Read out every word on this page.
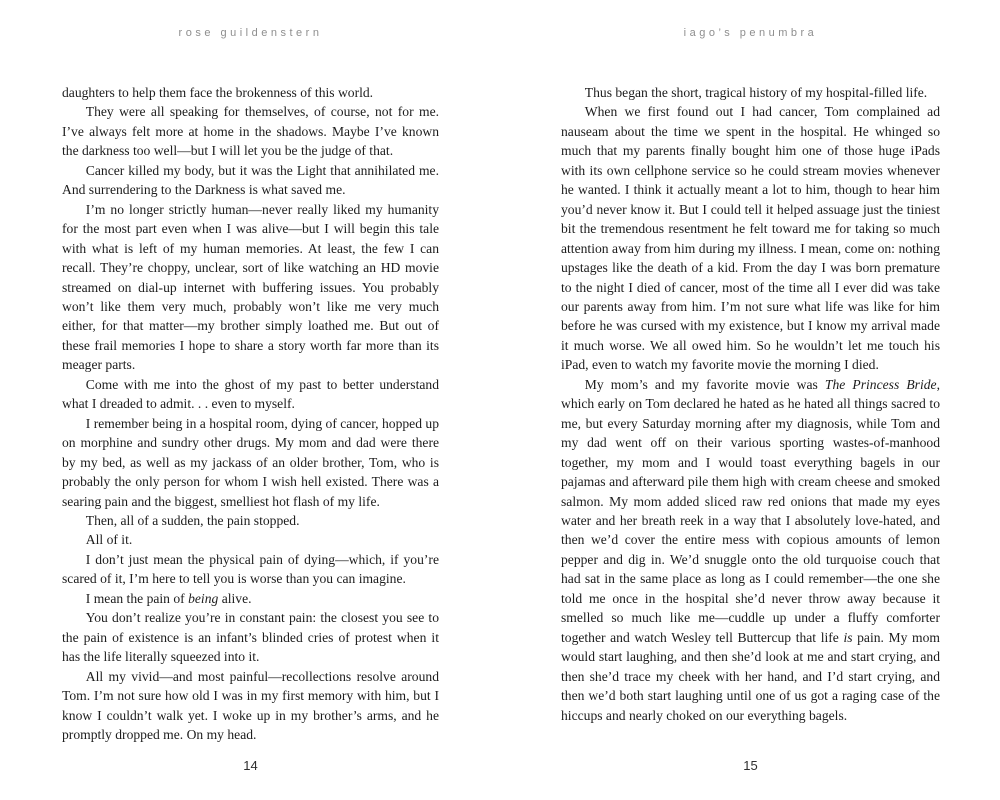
rose guildenstern

daughters to help them face the brokenness of this world.

They were all speaking for themselves, of course, not for me. I’ve always felt more at home in the shadows. Maybe I’ve known the darkness too well—but I will let you be the judge of that.

Cancer killed my body, but it was the Light that annihilated me. And surrendering to the Darkness is what saved me.

I’m no longer strictly human—never really liked my humanity for the most part even when I was alive—but I will begin this tale with what is left of my human memories. At least, the few I can recall. They’re choppy, unclear, sort of like watching an HD movie streamed on dial-up internet with buffering issues. You probably won’t like them very much, probably won’t like me very much either, for that matter—my brother simply loathed me. But out of these frail memories I hope to share a story worth far more than its meager parts.

Come with me into the ghost of my past to better understand what I dreaded to admit. . . even to myself.

I remember being in a hospital room, dying of cancer, hopped up on morphine and sundry other drugs. My mom and dad were there by my bed, as well as my jackass of an older brother, Tom, who is probably the only person for whom I wish hell existed. There was a searing pain and the biggest, smelliest hot flash of my life.

Then, all of a sudden, the pain stopped.

All of it.

I don’t just mean the physical pain of dying—which, if you’re scared of it, I’m here to tell you is worse than you can imagine.

I mean the pain of being alive.

You don’t realize you’re in constant pain: the closest you see to the pain of existence is an infant’s blinded cries of protest when it has the life literally squeezed into it.

All my vivid—and most painful—recollections resolve around Tom. I’m not sure how old I was in my first memory with him, but I know I couldn’t walk yet. I woke up in my brother’s arms, and he promptly dropped me. On my head.

14
iago’s penumbra

Thus began the short, tragical history of my hospital-filled life.

When we first found out I had cancer, Tom complained ad nauseam about the time we spent in the hospital. He whinged so much that my parents finally bought him one of those huge iPads with its own cellphone service so he could stream movies whenever he wanted. I think it actually meant a lot to him, though to hear him you’d never know it. But I could tell it helped assuage just the tiniest bit the tremendous resentment he felt toward me for taking so much attention away from him during my illness. I mean, come on: nothing upstages like the death of a kid. From the day I was born premature to the night I died of cancer, most of the time all I ever did was take our parents away from him. I’m not sure what life was like for him before he was cursed with my existence, but I know my arrival made it much worse. We all owed him. So he wouldn’t let me touch his iPad, even to watch my favorite movie the morning I died.

My mom’s and my favorite movie was The Princess Bride, which early on Tom declared he hated as he hated all things sacred to me, but every Saturday morning after my diagnosis, while Tom and my dad went off on their various sporting wastes-of-manhood together, my mom and I would toast everything bagels in our pajamas and afterward pile them high with cream cheese and smoked salmon. My mom added sliced raw red onions that made my eyes water and her breath reek in a way that I absolutely love-hated, and then we’d cover the entire mess with copious amounts of lemon pepper and dig in. We’d snuggle onto the old turquoise couch that had sat in the same place as long as I could remember—the one she told me once in the hospital she’d never throw away because it smelled so much like me—cuddle up under a fluffy comforter together and watch Wesley tell Buttercup that life is pain. My mom would start laughing, and then she’d look at me and start crying, and then she’d trace my cheek with her hand, and I’d start crying, and then we’d both start laughing until one of us got a raging case of the hiccups and nearly choked on our everything bagels.

15
